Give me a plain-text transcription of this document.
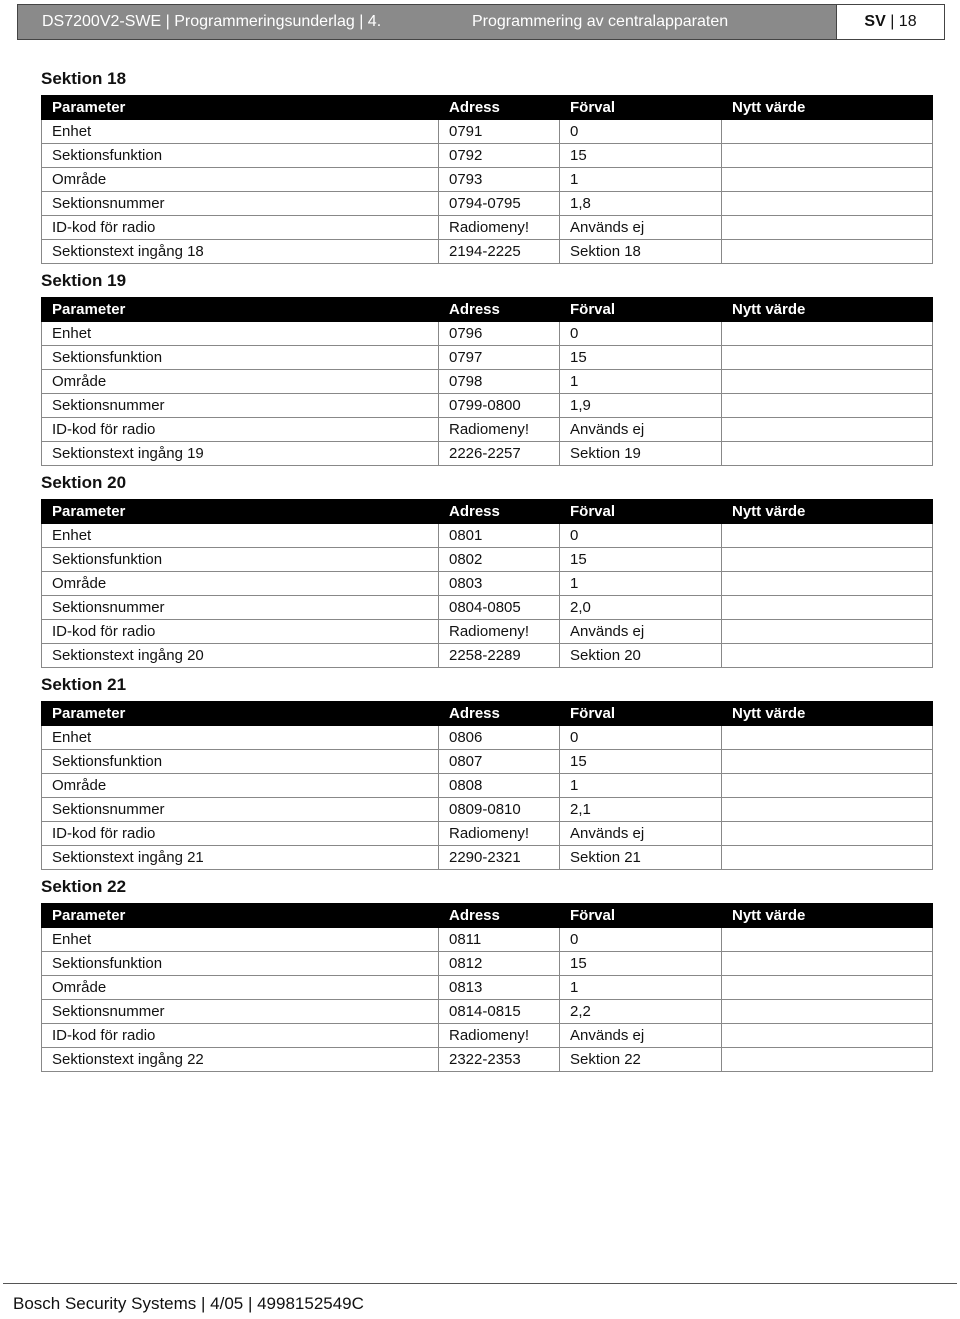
DS7200V2-SWE | Programmeringsunderlag | 4.	Programmering av centralapparaten	SV | 18
Sektion 18
Parameter	Adress	Förval	Nytt värde
Enhet	0791	0	
Sektionsfunktion	0792	15	
Område	0793	1	
Sektionsnummer	0794-0795	1,8	
ID-kod för radio	Radiomeny!	Används ej	
Sektionstext ingång 18	2194-2225	Sektion 18	
Sektion 19
Parameter	Adress	Förval	Nytt värde
Enhet	0796	0	
Sektionsfunktion	0797	15	
Område	0798	1	
Sektionsnummer	0799-0800	1,9	
ID-kod för radio	Radiomeny!	Används ej	
Sektionstext ingång 19	2226-2257	Sektion 19	
Sektion 20
Parameter	Adress	Förval	Nytt värde
Enhet	0801	0	
Sektionsfunktion	0802	15	
Område	0803	1	
Sektionsnummer	0804-0805	2,0	
ID-kod för radio	Radiomeny!	Används ej	
Sektionstext ingång 20	2258-2289	Sektion 20	
Sektion 21
Parameter	Adress	Förval	Nytt värde
Enhet	0806	0	
Sektionsfunktion	0807	15	
Område	0808	1	
Sektionsnummer	0809-0810	2,1	
ID-kod för radio	Radiomeny!	Används ej	
Sektionstext ingång 21	2290-2321	Sektion 21	
Sektion 22
Parameter	Adress	Förval	Nytt värde
Enhet	0811	0	
Sektionsfunktion	0812	15	
Område	0813	1	
Sektionsnummer	0814-0815	2,2	
ID-kod för radio	Radiomeny!	Används ej	
Sektionstext ingång 22	2322-2353	Sektion 22	
Bosch Security Systems | 4/05 | 4998152549C
